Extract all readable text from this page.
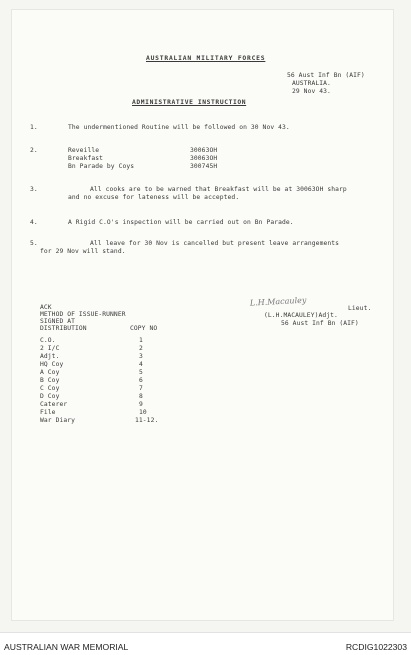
AUSTRALIAN MILITARY FORCES
56 Aust Inf Bn (AIF)
AUSTRALIA.
29 Nov 43.
ADMINISTRATIVE INSTRUCTION
1.	The undermentioned Routine will be followed on 30 Nov 43.
2.	Reveille	30063OH
Breakfast	30063OH
Bn Parade by Coys	300745H
3.	All cooks are to be warned that Breakfast will be at 30063OH sharp
and no excuse for lateness will be accepted.
4.	A Rigid C.O's inspection will be carried out on Bn Parade.
5.	All leave for 30 Nov is cancelled but present leave arrangements
for 29 Nov will stand.
ACK
METHOD OF ISSUE-RUNNER
SIGNED AT
DISTRIBUTION	COPY NO
L.H.Macauley
Lieut.
(L.H.MACAULEY)Adjt.
56 Aust Inf Bn (AIF)
C.O.	1
2 I/C	2
Adjt.	3
HQ Coy	4
A Coy	5
B Coy	6
C Coy	7
D Coy	8
Caterer	9
File	10
War Diary	11-12.
AUSTRALIAN WAR MEMORIAL	RCDIG1022303
